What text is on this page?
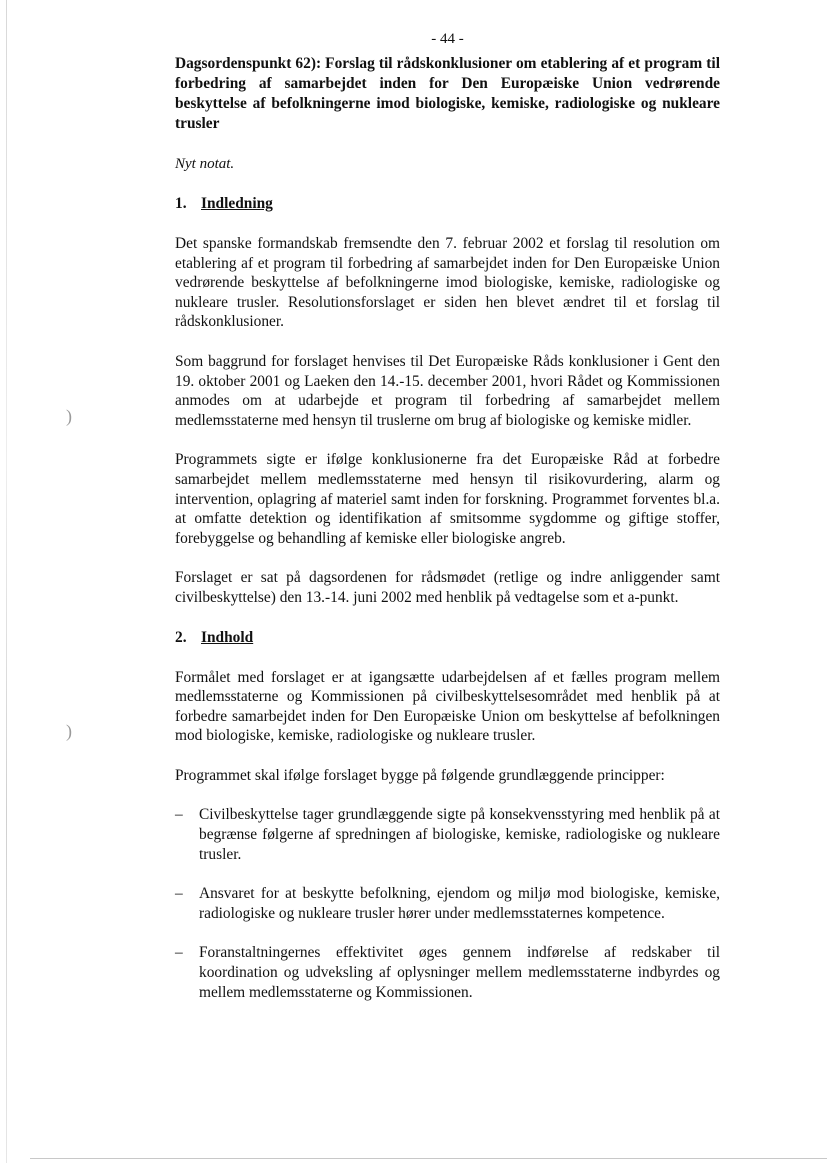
)
)

- 44 -

Dagsordenspunkt 62): Forslag til rådskonklusioner om etablering af et program til forbedring af samarbejdet inden for Den Europæiske Union vedrørende beskyttelse af befolkningerne imod biologiske, kemiske, radiologiske og nukleare trusler

Nyt notat.

1. Indledning

Det spanske formandskab fremsendte den 7. februar 2002 et forslag til resolution om etablering af et program til forbedring af samarbejdet inden for Den Europæiske Union vedrørende beskyttelse af befolkningerne imod biologiske, kemiske, radiologiske og nukleare trusler. Resolutionsforslaget er siden hen blevet ændret til et forslag til rådskonklusioner.

Som baggrund for forslaget henvises til Det Europæiske Råds konklusioner i Gent den 19. oktober 2001 og Laeken den 14.-15. december 2001, hvori Rådet og Kommissionen anmodes om at udarbejde et program til forbedring af samarbejdet mellem medlemsstaterne med hensyn til truslerne om brug af biologiske og kemiske midler.

Programmets sigte er ifølge konklusionerne fra det Europæiske Råd at forbedre samarbejdet mellem medlemsstaterne med hensyn til risikovurdering, alarm og intervention, oplagring af materiel samt inden for forskning. Programmet forventes bl.a. at omfatte detektion og identifikation af smitsomme sygdomme og giftige stoffer, forebyggelse og behandling af kemiske eller biologiske angreb.

Forslaget er sat på dagsordenen for rådsmødet (retlige og indre anliggender samt civilbeskyttelse) den 13.-14. juni 2002 med henblik på vedtagelse som et a-punkt.

2. Indhold

Formålet med forslaget er at igangsætte udarbejdelsen af et fælles program mellem medlemsstaterne og Kommissionen på civilbeskyttelsesområdet med henblik på at forbedre samarbejdet inden for Den Europæiske Union om beskyttelse af befolkningen mod biologiske, kemiske, radiologiske og nukleare trusler.

Programmet skal ifølge forslaget bygge på følgende grundlæggende principper:

– Civilbeskyttelse tager grundlæggende sigte på konsekvensstyring med henblik på at begrænse følgerne af spredningen af biologiske, kemiske, radiologiske og nukleare trusler.
– Ansvaret for at beskytte befolkning, ejendom og miljø mod biologiske, kemiske, radiologiske og nukleare trusler hører under medlemsstaternes kompetence.
– Foranstaltningernes effektivitet øges gennem indførelse af redskaber til koordination og udveksling af oplysninger mellem medlemsstaterne indbyrdes og mellem medlemsstaterne og Kommissionen.
